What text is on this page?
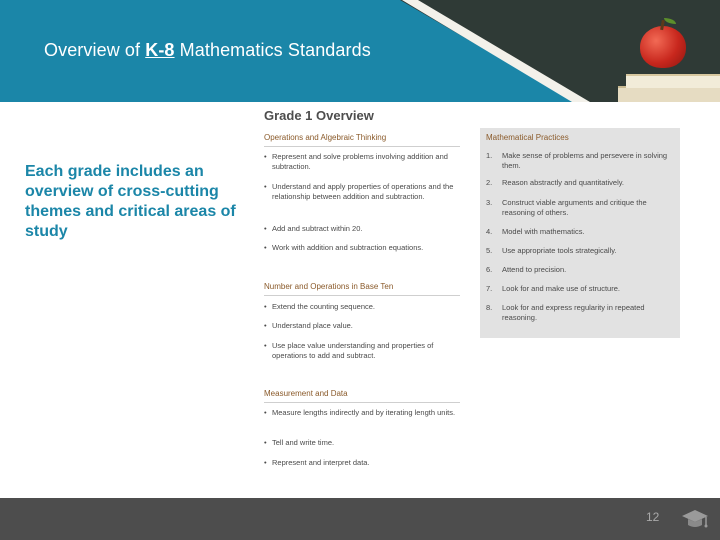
Overview of K-8 Mathematics Standards
Each grade includes an overview of cross-cutting themes and critical areas of study
Grade 1 Overview
Operations and Algebraic Thinking
• Represent and solve problems involving addition and subtraction.
• Understand and apply properties of operations and the relationship between addition and subtraction.
• Add and subtract within 20.
• Work with addition and subtraction equations.
Number and Operations in Base Ten
• Extend the counting sequence.
• Understand place value.
• Use place value understanding and properties of operations to add and subtract.
Measurement and Data
• Measure lengths indirectly and by iterating length units.
• Tell and write time.
• Represent and interpret data.
Mathematical Practices
1. Make sense of problems and persevere in solving them.
2. Reason abstractly and quantitatively.
3. Construct viable arguments and critique the reasoning of others.
4. Model with mathematics.
5. Use appropriate tools strategically.
6. Attend to precision.
7. Look for and make use of structure.
8. Look for and express regularity in repeated reasoning.
12
